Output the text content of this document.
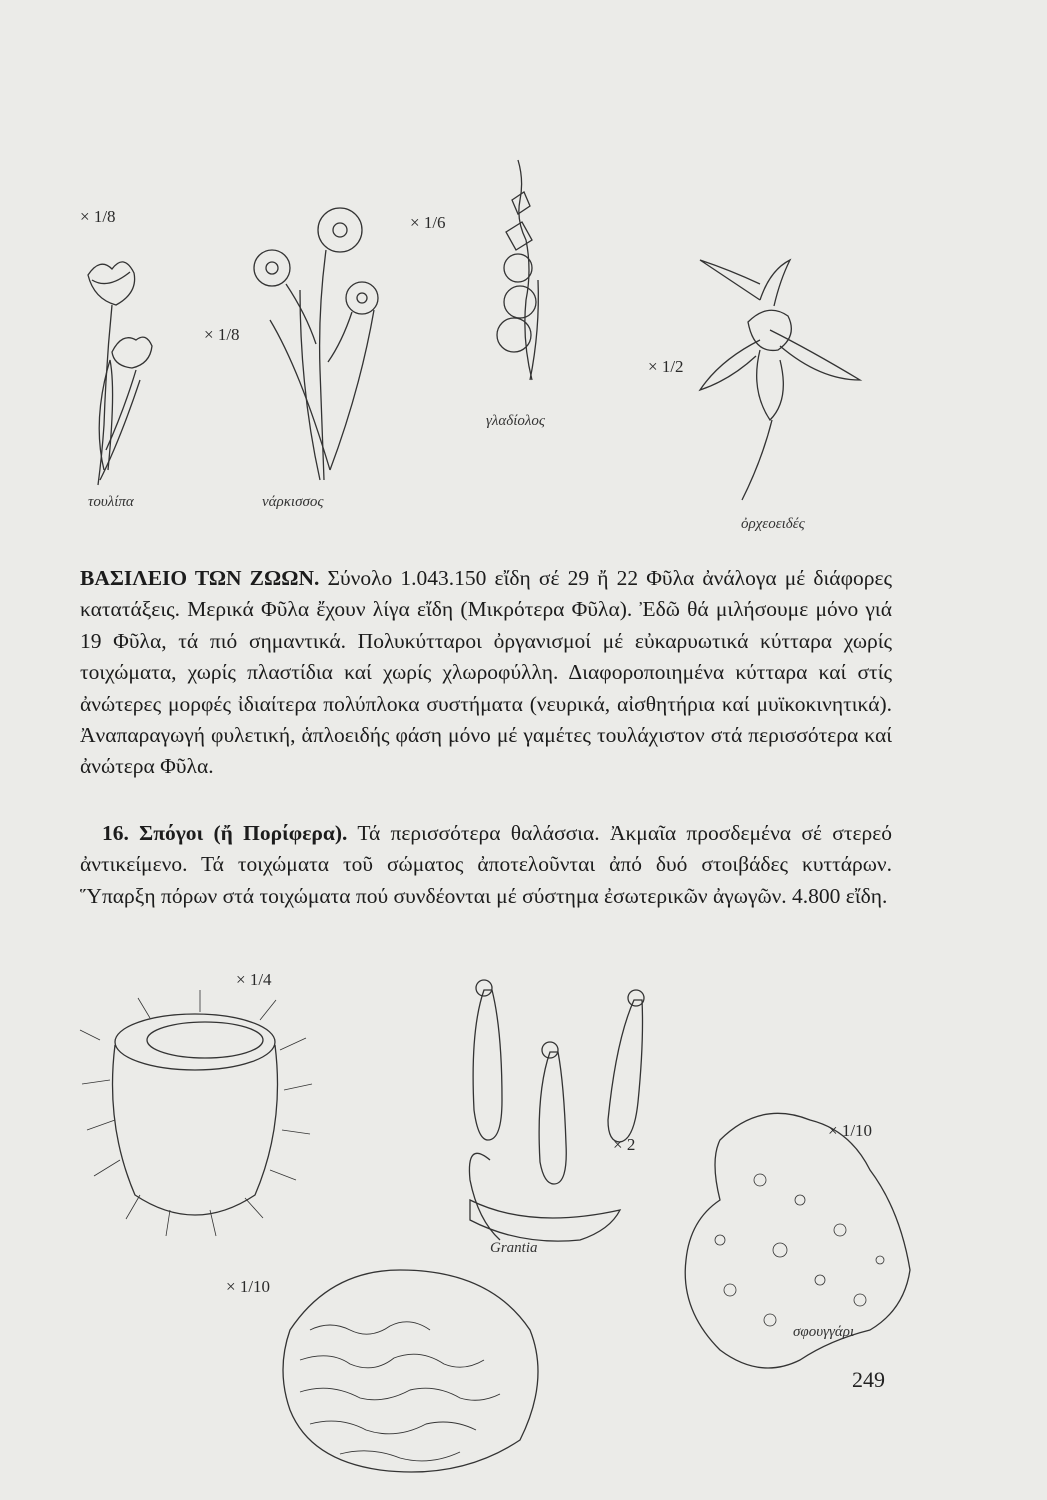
× 1/8
× 1/8
× 1/6
× 1/2
τουλίπα	νάρκισσος
γλαδίολος
ὀρχεοειδές
ΒΑΣΙΛΕΙΟ ΤΩΝ ΖΩΩΝ. Σύνολο 1.043.150 εἴδη σέ 29 ἤ 22 Φῦλα ἀνάλογα μέ διάφορες κατατάξεις. Μερικά Φῦλα ἔχουν λίγα εἴδη (Μικρότερα Φῦλα). Ἐδῶ θά μιλήσουμε μόνο γιά 19 Φῦλα, τά πιό σημαντικά. Πολυκύτταροι ὀργανισμοί μέ εὐκαρυωτικά κύτταρα χωρίς τοιχώματα, χωρίς πλαστίδια καί χωρίς χλωροφύλλη. Διαφοροποιημένα κύτταρα καί στίς ἀνώτερες μορφές ἰδιαίτερα πολύπλοκα συστήματα (νευρικά, αἰσθητήρια καί μυϊκοκινητικά). Ἀναπαραγωγή φυλετική, ἁπλοειδής φάση μόνο μέ γαμέτες τουλάχιστον στά περισσότερα καί ἀνώτερα Φῦλα.
16. Σπόγοι (ἤ Πορίφερα). Τά περισσότερα θαλάσσια. Ἀκμαῖα προσδεμένα σέ στερεό ἀντικείμενο. Τά τοιχώματα τοῦ σώματος ἀποτελοῦνται ἀπό δυό στοιβάδες κυττάρων. Ὕπαρξη πόρων στά τοιχώματα πού συνδέονται μέ σύστημα ἐσωτερικῶν ἀγωγῶν. 4.800 εἴδη.
× 1/4
× 2
× 1/10
× 1/10
Grantia
σφουγγάρι
249
